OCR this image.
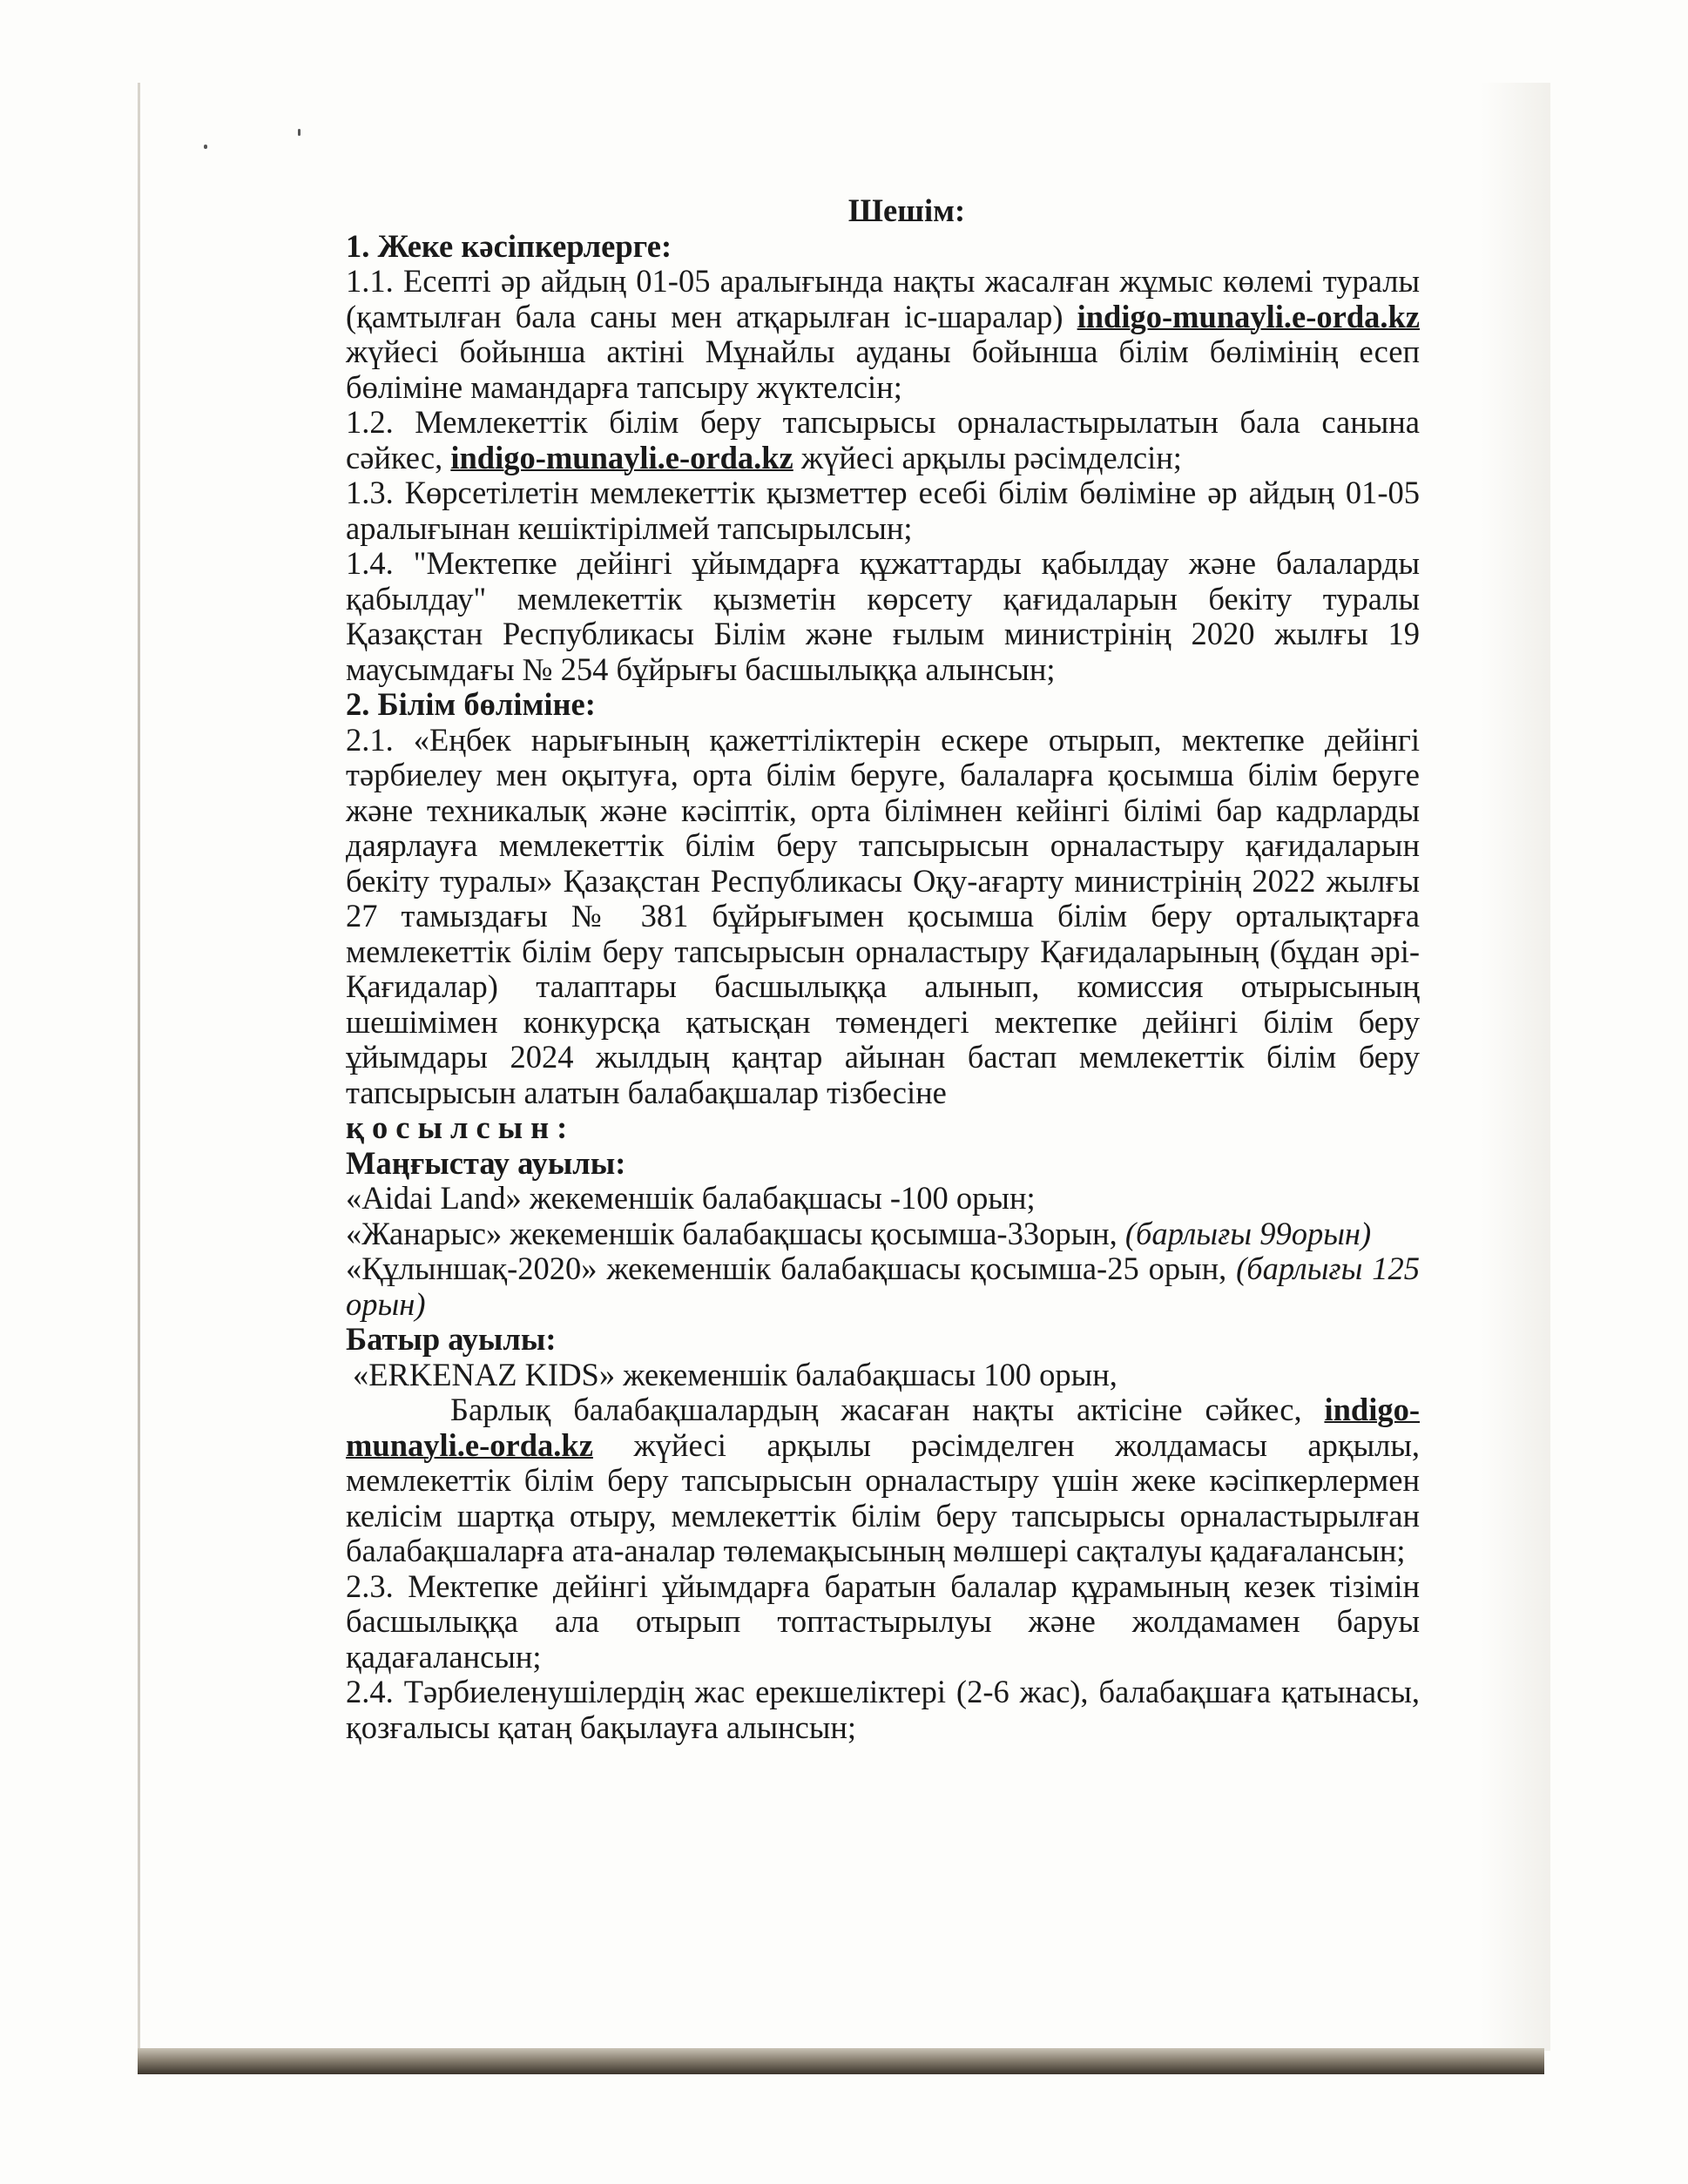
Шешім:

1. Жеке кәсіпкерлерге:

1.1. Есепті әр айдың 01-05 аралығында нақты жасалған жұмыс көлемі туралы (қамтылған бала саны мен атқарылған іс-шаралар) indigo-munayli.e-orda.kz жүйесі бойынша актіні Мұнайлы ауданы бойынша білім бөлімінің есеп бөліміне мамандарға тапсыру жүктелсін;

1.2. Мемлекеттік білім беру тапсырысы орналастырылатын бала санына сәйкес, indigo-munayli.e-orda.kz жүйесі арқылы рәсімделсін;

1.3. Көрсетілетін мемлекеттік қызметтер есебі білім бөліміне әр айдың 01-05 аралығынан кешіктірілмей тапсырылсын;

1.4. "Мектепке дейінгі ұйымдарға құжаттарды қабылдау және балаларды қабылдау" мемлекеттік қызметін көрсету қағидаларын бекіту туралы Қазақстан Республикасы Білім және ғылым министрінің 2020 жылғы 19 маусымдағы № 254 бұйрығы басшылыққа алынсын;

2. Білім бөліміне:

2.1. «Еңбек нарығының қажеттіліктерін ескере отырып, мектепке дейінгі тәрбиелеу мен оқытуға, орта білім беруге, балаларға қосымша білім беруге және техникалық және кәсіптік, орта білімнен кейінгі білімі бар кадрларды даярлауға мемлекеттік білім беру тапсырысын орналастыру қағидаларын бекіту туралы» Қазақстан Республикасы Оқу-ағарту министрінің 2022 жылғы 27 тамыздағы № 381 бұйрығымен қосымша білім беру орталықтарға мемлекеттік білім беру тапсырысын орналастыру Қағидаларының (бұдан әрі-Қағидалар) талаптары басшылыққа алынып, комиссия отырысының шешімімен конкурсқа қатысқан төмендегі мектепке дейінгі білім беру ұйымдары 2024 жылдың қаңтар айынан бастап мемлекеттік білім беру тапсырысын алатын балабақшалар тізбесіне

қосылсын:

Маңғыстау ауылы:

«Aidai Land» жекеменшік балабақшасы -100 орын;

«Жанарыс» жекеменшік балабақшасы қосымша-33орын, (барлығы 99орын)

«Құлыншақ-2020» жекеменшік балабақшасы қосымша-25 орын, (барлығы 125 орын)

Батыр ауылы:

«ERKENAZ KIDS» жекеменшік балабақшасы 100 орын,

Барлық балабақшалардың жасаған нақты актісіне сәйкес, indigo-munayli.e-orda.kz жүйесі арқылы рәсімделген жолдамасы арқылы, мемлекеттік білім беру тапсырысын орналастыру үшін жеке кәсіпкерлермен келісім шартқа отыру, мемлекеттік білім беру тапсырысы орналастырылған балабақшаларға ата-аналар төлемақысының мөлшері сақталуы қадағалансын;

2.3. Мектепке дейінгі ұйымдарға баратын балалар құрамының кезек тізімін басшылыққа ала отырып топтастырылуы және жолдамамен баруы қадағалансын;

2.4. Тәрбиеленушілердің жас ерекшеліктері (2-6 жас), балабақшаға қатынасы, қозғалысы қатаң бақылауға алынсын;
